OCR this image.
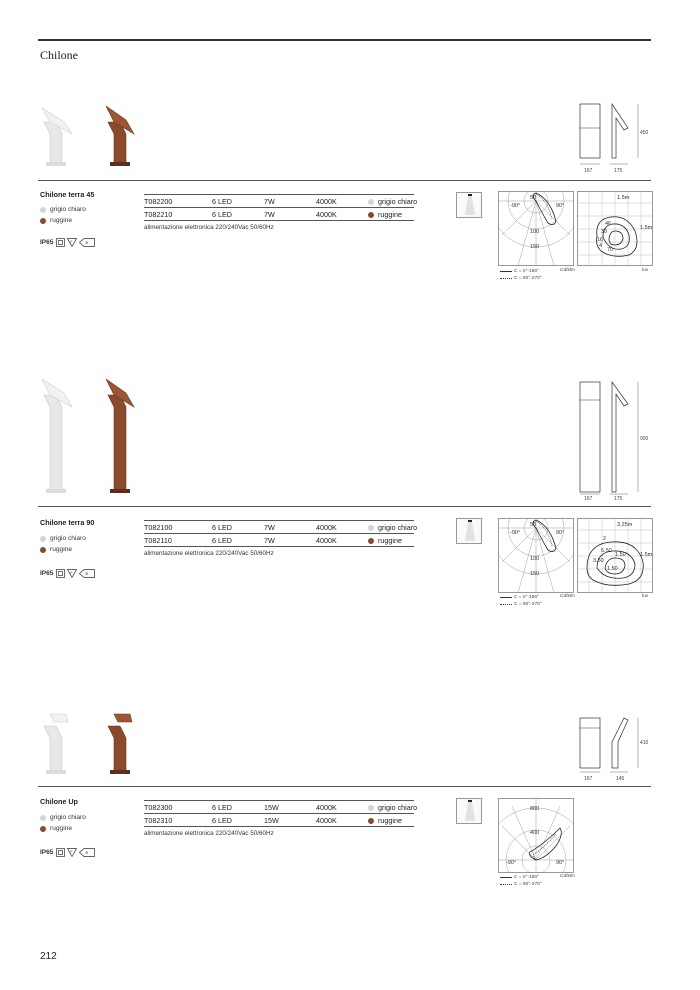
Chilone
167	175
450
Chilone terra 45
grigio chiaro
ruggine
IP65	F	≋
T082200	6 LED	7W	4000K	grigio chiaro
T082210	6 LED	7W	4000K	ruggine
alimentazione elettronica 220/240Vac 50/60Hz
-90°	90°
50
100
150
1.5m
46
30
16
4
70
1.5m
C = 0°-180°
C = 90°-270°
Cd/klm	lux
167	175
900
Chilone terra 90
grigio chiaro
ruggine
IP65	F	≋
T082100	6 LED	7W	4000K	grigio chiaro
T082110	6 LED	7W	4000K	ruggine
alimentazione elettronica 220/240Vac 50/60Hz
-90°	90°
50
100
150
3.25m
2
6.50
1.50
3.50
1.50
1.5m
C = 0°-180°
C = 90°-270°
Cd/klm	lux
167	145
410
Chilone Up
grigio chiaro
ruggine
IP65	F	≋
T082300	6 LED	15W	4000K	grigio chiaro
T082310	6 LED	15W	4000K	ruggine
alimentazione elettronica 220/240Vac 50/60Hz
-90°	90°
800
400
C = 0°-180°
C = 90°-270°
Cd/klm
212
